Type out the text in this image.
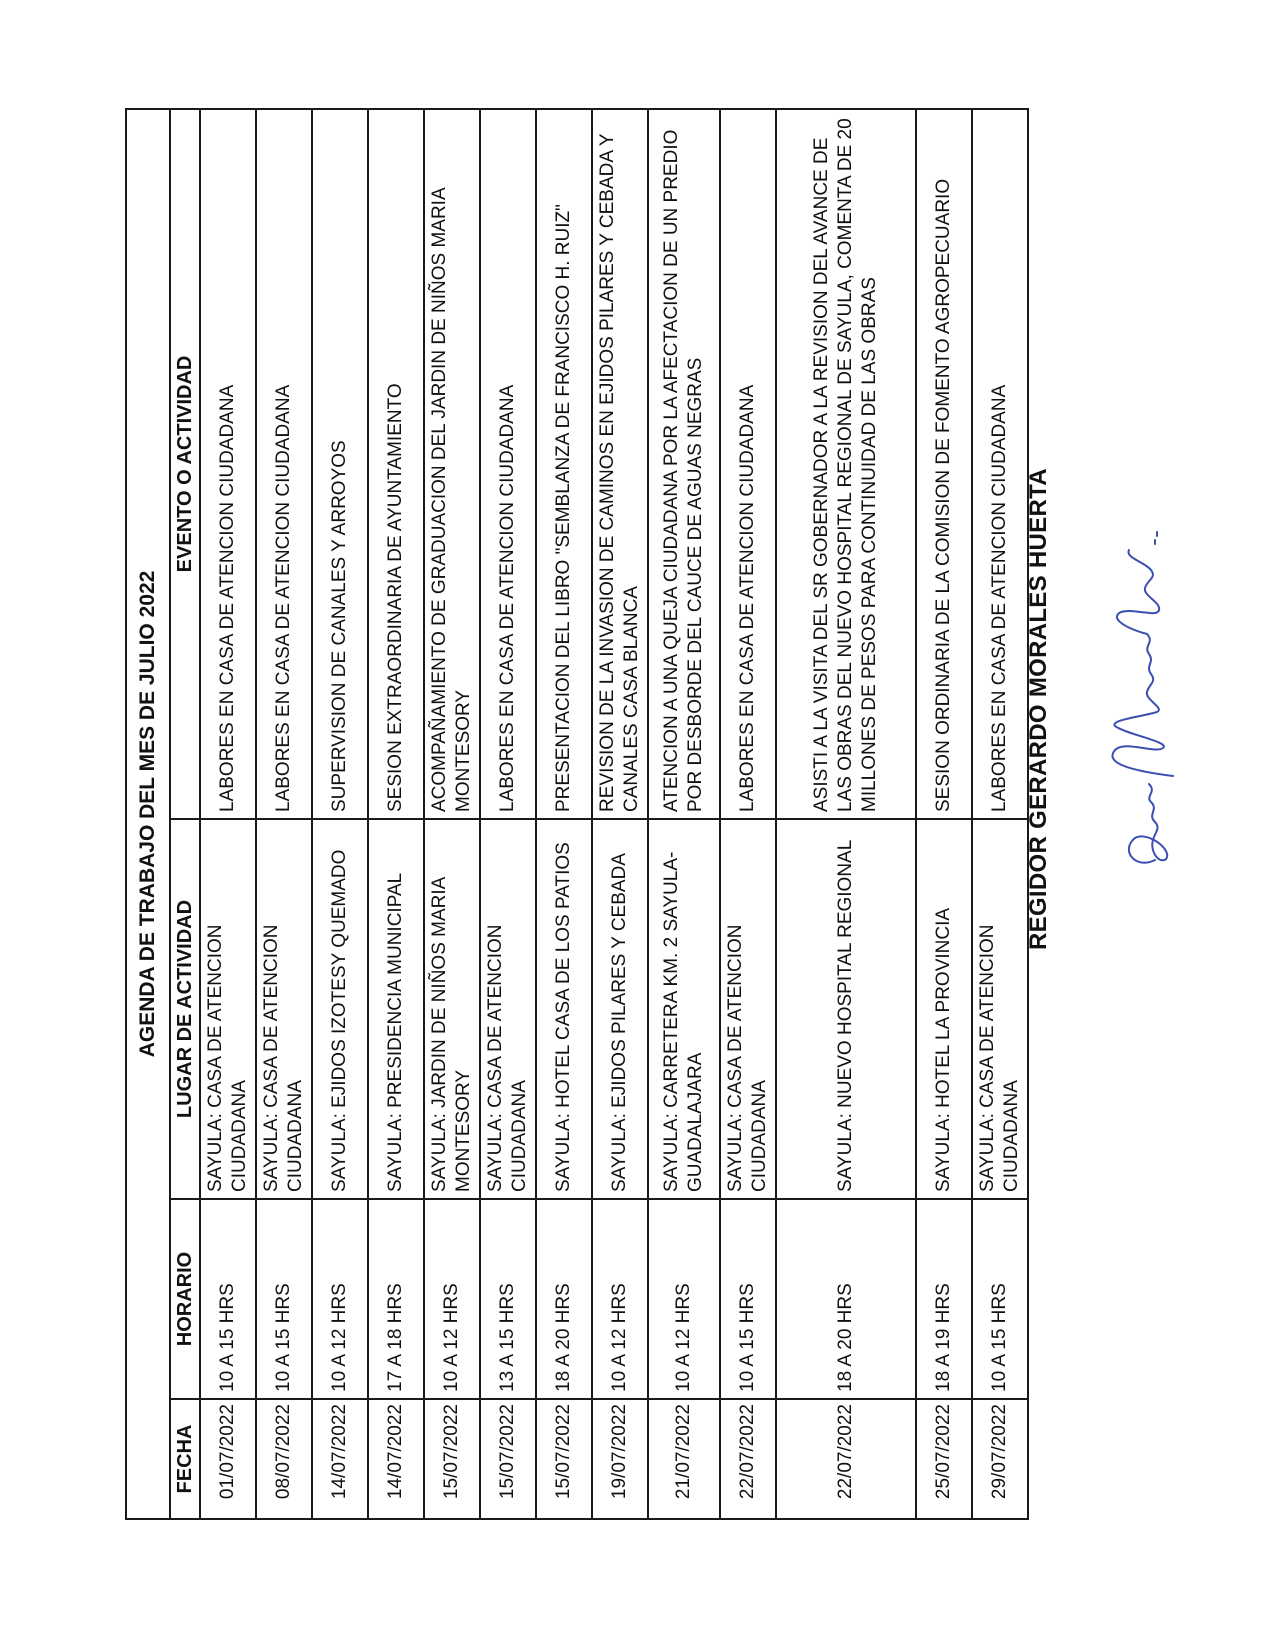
AGENDA DE TRABAJO DEL MES DE JULIO 2022			
FECHA	HORARIO	LUGAR DE ACTIVIDAD	EVENTO O ACTIVIDAD
01/07/2022	10 A 15 HRS	SAYULA: CASA DE ATENCION CIUDADANA	LABORES EN CASA DE ATENCION CIUDADANA
08/07/2022	10 A 15 HRS	SAYULA: CASA DE ATENCION CIUDADANA	LABORES EN CASA DE ATENCION CIUDADANA
14/07/2022	10 A 12 HRS	SAYULA: EJIDOS IZOTESY QUEMADO	SUPERVISION DE CANALES Y ARROYOS
14/07/2022	17 A 18 HRS	SAYULA: PRESIDENCIA MUNICIPAL	SESION EXTRAORDINARIA DE AYUNTAMIENTO
15/07/2022	10 A 12 HRS	SAYULA: JARDIN DE NIÑOS MARIA MONTESORY	ACOMPAÑAMIENTO DE GRADUACION DEL JARDIN DE NIÑOS MARIA MONTESORY
15/07/2022	13 A 15 HRS	SAYULA: CASA DE ATENCION CIUDADANA	LABORES EN CASA DE ATENCION CIUDADANA
15/07/2022	18 A 20 HRS	SAYULA: HOTEL CASA DE LOS PATIOS	PRESENTACION DEL LIBRO "SEMBLANZA DE FRANCISCO H. RUIZ"
19/07/2022	10 A 12 HRS	SAYULA: EJIDOS PILARES Y CEBADA	REVISION DE LA INVASION DE CAMINOS EN EJIDOS PILARES Y CEBADA Y CANALES CASA BLANCA
21/07/2022	10 A 12 HRS	SAYULA: CARRETERA KM. 2 SAYULA-GUADALAJARA	ATENCION A UNA QUEJA CIUDADANA POR LA AFECTACION DE UN PREDIO POR DESBORDE DEL CAUCE DE AGUAS NEGRAS
22/07/2022	10 A 15 HRS	SAYULA: CASA DE ATENCION CIUDADANA	LABORES EN CASA DE ATENCION CIUDADANA
22/07/2022	18 A 20 HRS	SAYULA: NUEVO HOSPITAL REGIONAL	ASISTI A LA VISITA DEL SR GOBERNADOR A LA REVISION DEL AVANCE DE LAS OBRAS DEL NUEVO HOSPITAL REGIONAL DE SAYULA, COMENTA DE 20 MILLONES DE PESOS PARA CONTINUIDAD DE LAS OBRAS
25/07/2022	18 A 19 HRS	SAYULA: HOTEL LA PROVINCIA	SESION ORDINARIA DE LA COMISION DE FOMENTO AGROPECUARIO
29/07/2022	10 A 15 HRS	SAYULA: CASA DE ATENCION CIUDADANA	LABORES EN CASA DE ATENCION CIUDADANA REGIDOR GERARDO MORALES HUERTA
